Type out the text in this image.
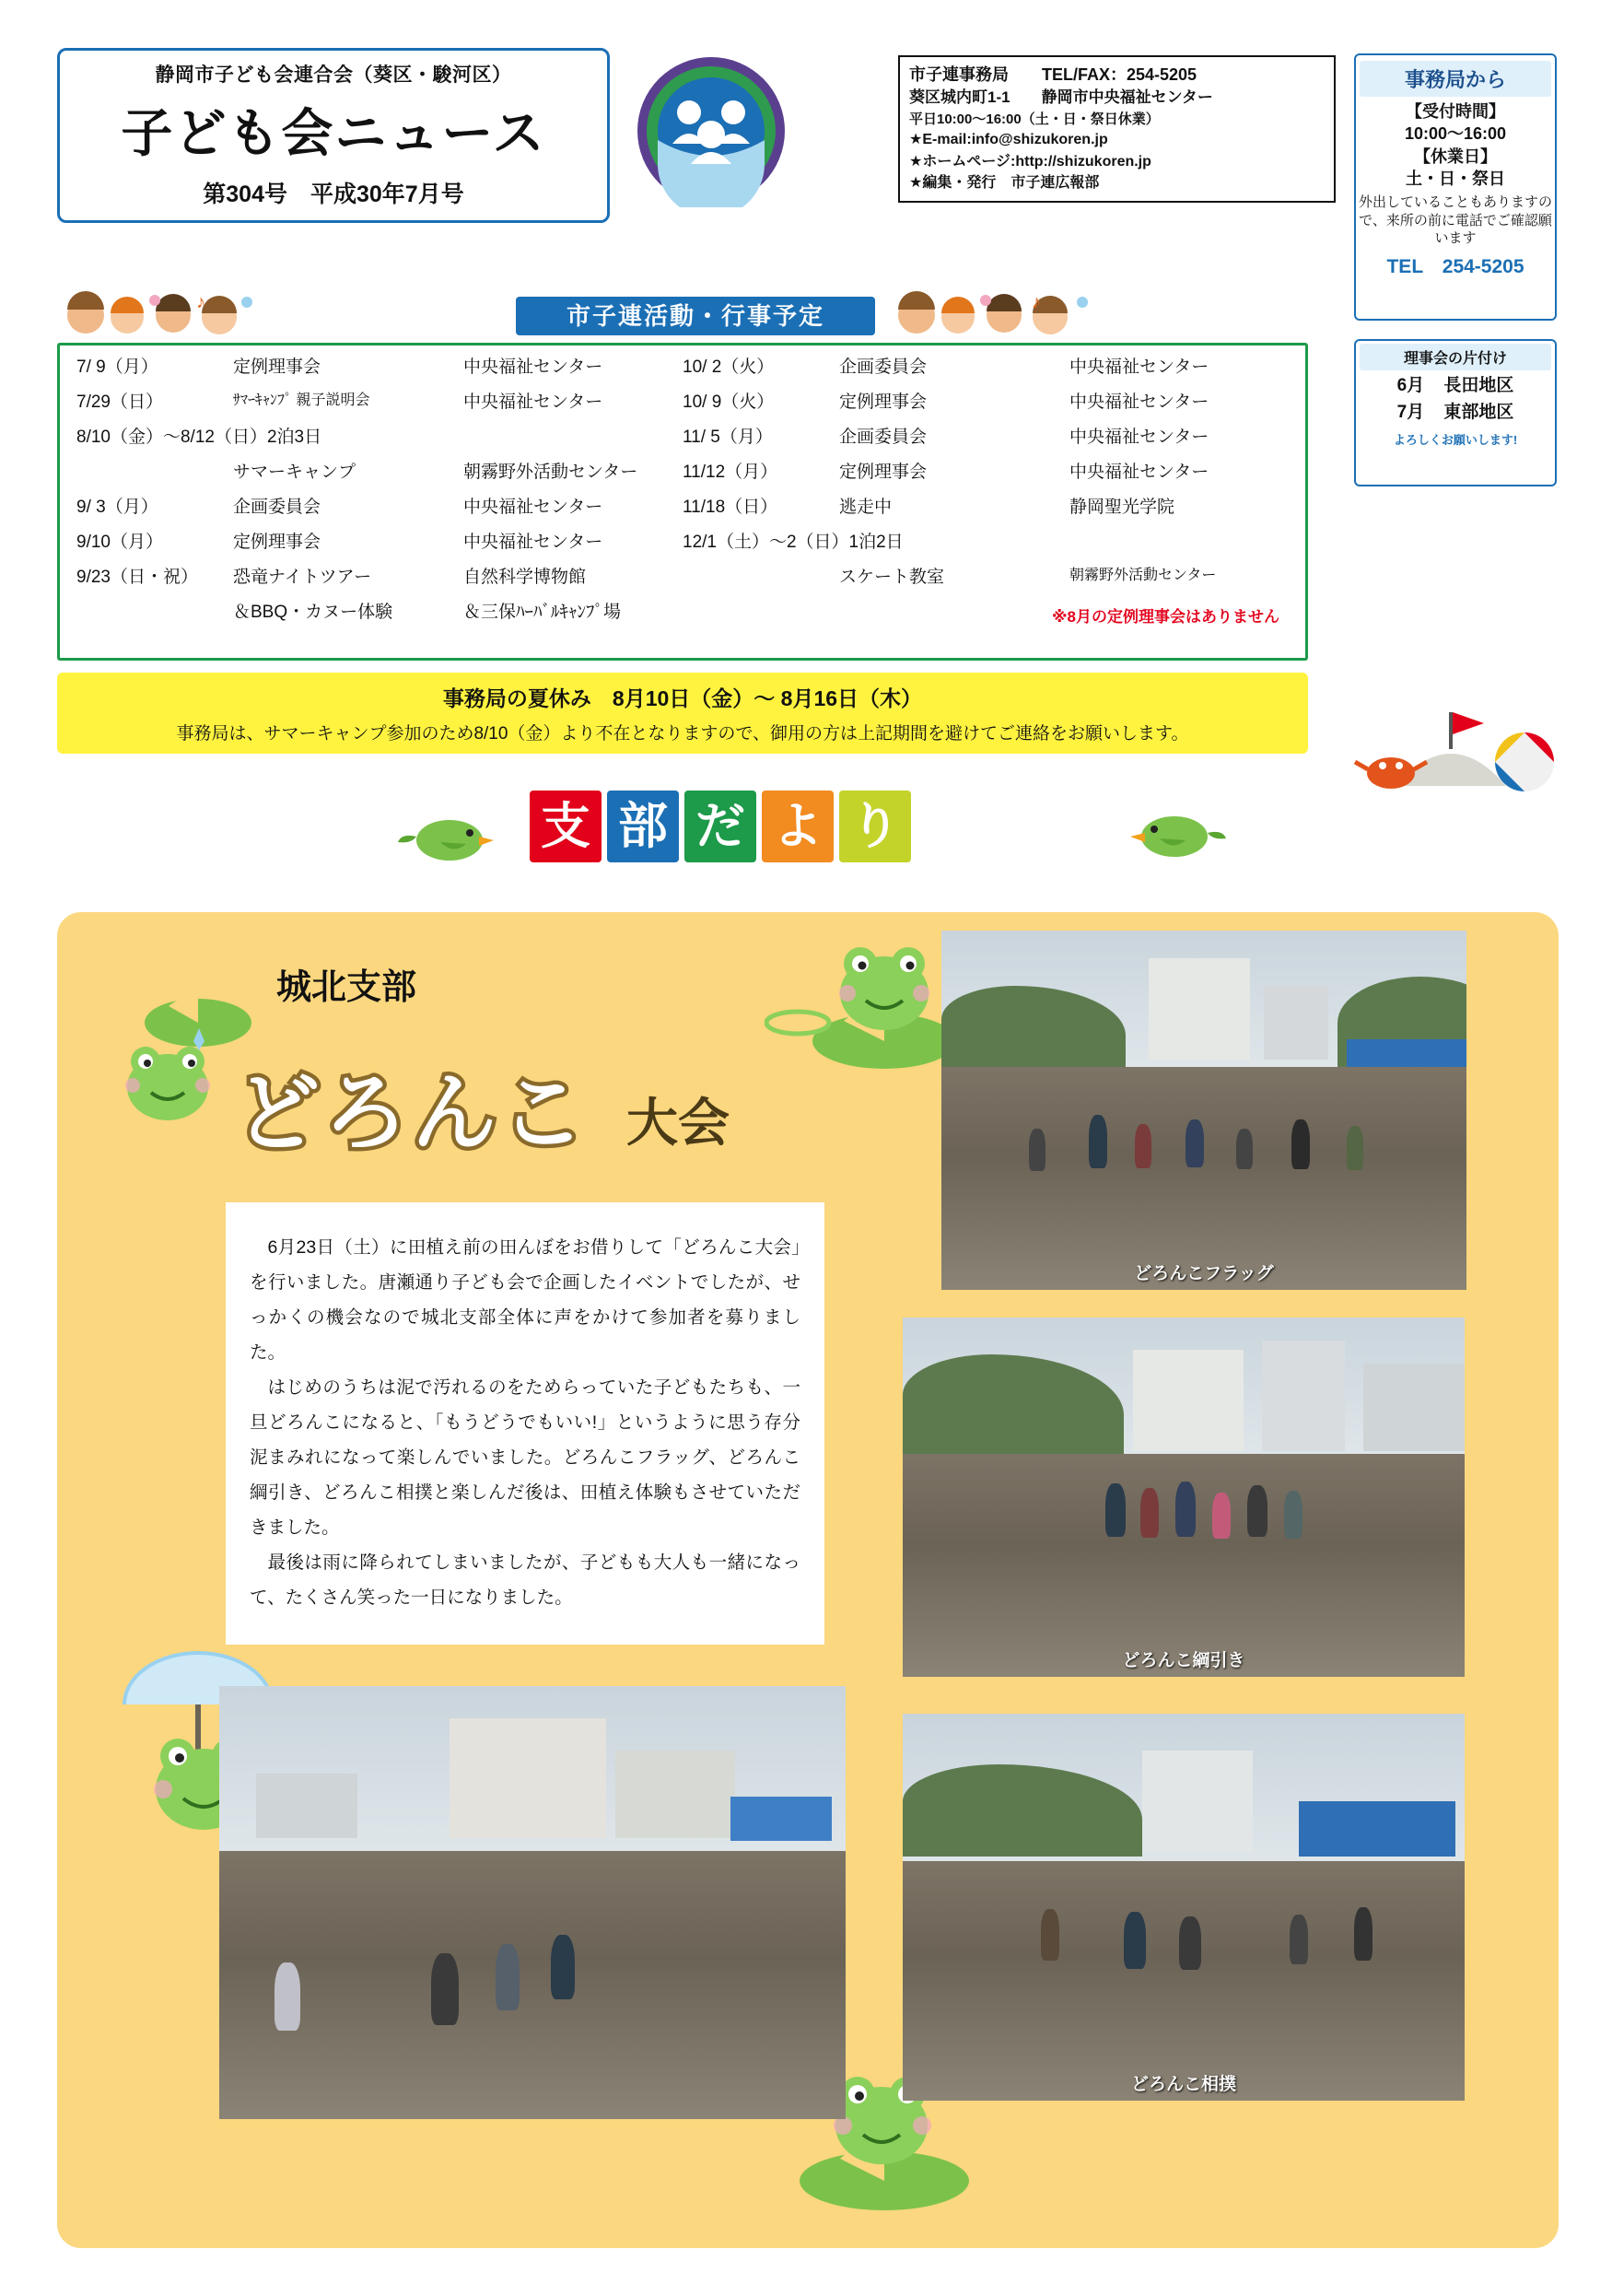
静岡市子ども会連合会（葵区・駿河区）
子ども会ニュース
第304号　平成30年7月号
市子連事務局　　TEL/FAX：254-5205
葵区城内町1-1　　静岡市中央福祉センター
平日10:00～16:00（土・日・祭日休業）
★E-mail:info@shizukoren.jp
★ホームページ:http://shizukoren.jp
★編集・発行　市子連広報部
事務局から
【受付時間】
10:00～16:00
【休業日】
土・日・祭日
外出していることもありますので、来所の前に電話でご確認願います
TEL　254-5205
理事会の片付け
6月 長田地区
7月 東部地区
よろしくお願いします!
♪	♪
市子連活動・行事予定
7/ 9（月）	定例理事会	中央福祉センター
7/29（日）	ｻﾏｰｷｬﾝﾌﾟ 親子説明会	中央福祉センター
8/10（金）～8/12（日）2泊3日
サマーキャンプ	朝霧野外活動センター
9/ 3（月）	企画委員会	中央福祉センター
9/10（月）	定例理事会	中央福祉センター
9/23（日・祝）	恐竜ナイトツアー	自然科学博物館
＆BBQ・カヌー体験	＆三保ﾊｰﾊﾞﾙｷｬﾝﾌﾟ場
10/ 2（火）	企画委員会	中央福祉センター
10/ 9（火）	定例理事会	中央福祉センター
11/ 5（月）	企画委員会	中央福祉センター
11/12（月）	定例理事会	中央福祉センター
11/18（日）	逃走中	静岡聖光学院
12/1（土）～2（日）1泊2日
スケート教室	朝霧野外活動センター
※8月の定例理事会はありません
事務局の夏休み　8月10日（金）～ 8月16日（木）
事務局は、サマーキャンプ参加のため8/10（金）より不在となりますので、御用の方は上記期間を避けてご連絡をお願いします。
支 部 だ よ り
城北支部
どろんこ 大会

6月23日（土）に田植え前の田んぼをお借りして「どろんこ大会」を行いました。唐瀬通り子ども会で企画したイベントでしたが、せっかくの機会なので城北支部全体に声をかけて参加者を募りました。

はじめのうちは泥で汚れるのをためらっていた子どもたちも、一旦どろんこになると、「もうどうでもいい!」というように思う存分泥まみれになって楽しんでいました。どろんこフラッグ、どろんこ綱引き、どろんこ相撲と楽しんだ後は、田植え体験もさせていただきました。

最後は雨に降られてしまいましたが、子どもも大人も一緒になって、たくさん笑った一日になりました。

どろんこフラッグ
どろんこ綱引き
どろんこ相撲
